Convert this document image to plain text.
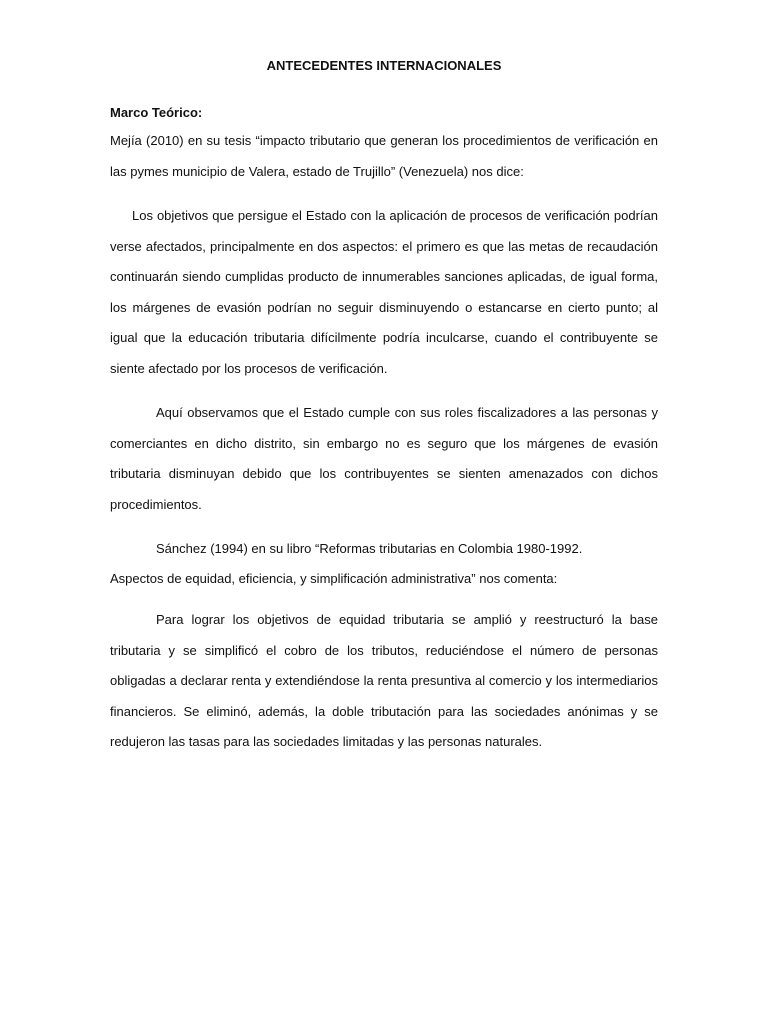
ANTECEDENTES INTERNACIONALES
Marco Teórico:

Mejía (2010) en su tesis “impacto tributario que generan los procedimientos de verificación en las pymes municipio de Valera, estado de Trujillo” (Venezuela) nos dice:

Los objetivos que persigue el Estado con la aplicación de procesos de verificación podrían verse afectados, principalmente en dos aspectos: el primero es que las metas de recaudación continuarán siendo cumplidas producto de innumerables sanciones aplicadas, de igual forma, los márgenes de evasión podrían no seguir disminuyendo o estancarse en cierto punto; al igual que la educación tributaria difícilmente podría inculcarse, cuando el contribuyente se siente afectado por los procesos de verificación.

Aquí observamos que el Estado cumple con sus roles fiscalizadores a las personas y comerciantes en dicho distrito, sin embargo no es seguro que los márgenes de evasión tributaria disminuyan debido que los contribuyentes se sienten amenazados con dichos procedimientos.

Sánchez (1994) en su libro “Reformas tributarias en Colombia 1980-1992.

Aspectos de equidad, eficiencia, y simplificación administrativa” nos comenta:

Para lograr los objetivos de equidad tributaria se amplió y reestructuró la base tributaria y se simplificó el cobro de los tributos, reduciéndose el número de personas obligadas a declarar renta y extendiéndose la renta presuntiva al comercio y los intermediarios financieros. Se eliminó, además, la doble tributación para las sociedades anónimas y se redujeron las tasas para las sociedades limitadas y las personas naturales.
